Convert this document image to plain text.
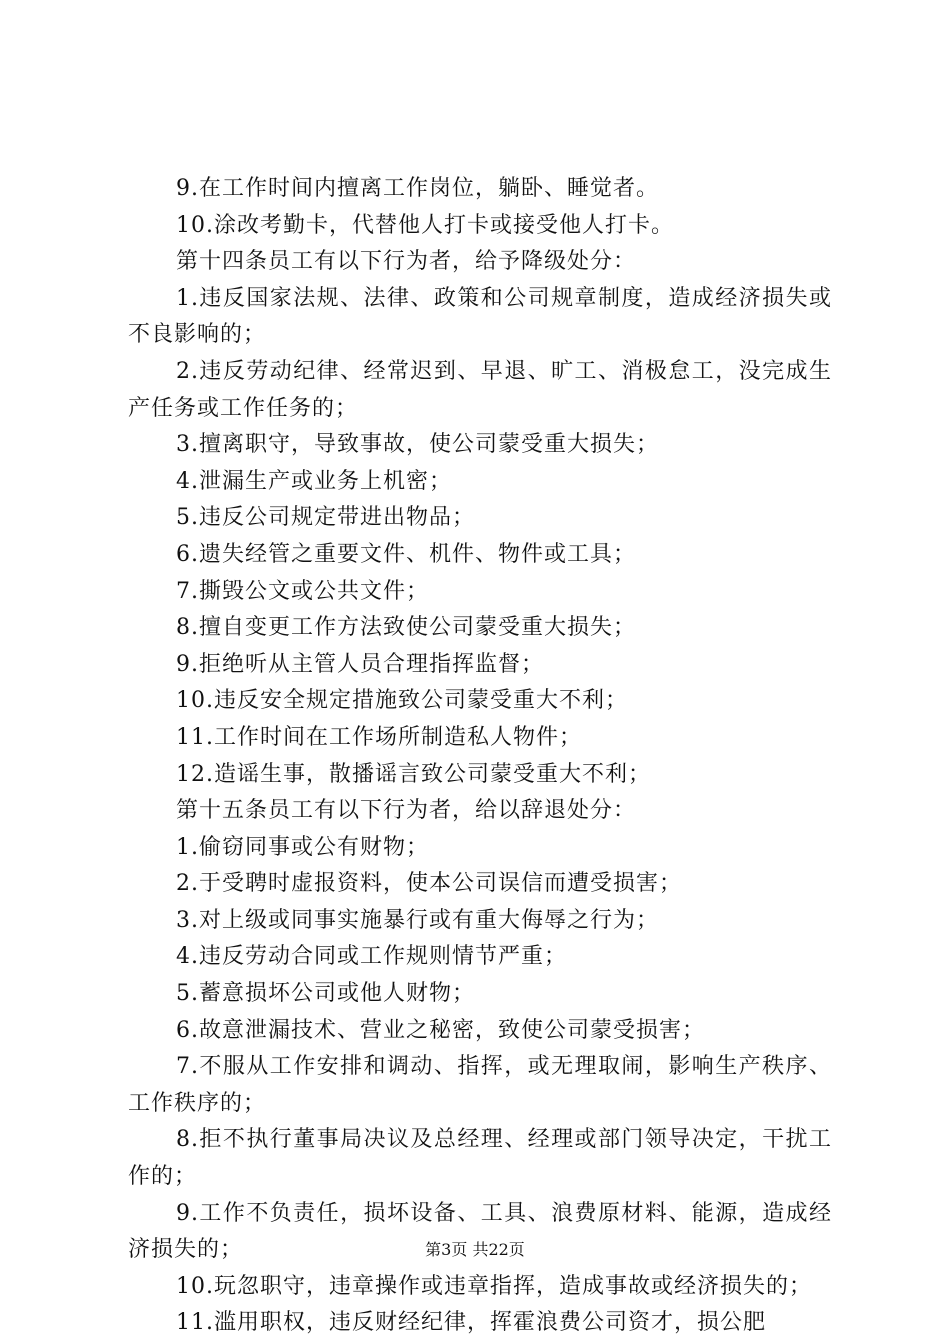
9.在工作时间内擅离工作岗位，躺卧、睡觉者。

10.涂改考勤卡，代替他人打卡或接受他人打卡。

第十四条员工有以下行为者，给予降级处分：

1.违反国家法规、法律、政策和公司规章制度，造成经济损失或不良影响的；

2.违反劳动纪律、经常迟到、早退、旷工、消极怠工，没完成生产任务或工作任务的；

3.擅离职守，导致事故，使公司蒙受重大损失；

4.泄漏生产或业务上机密；

5.违反公司规定带进出物品；

6.遗失经管之重要文件、机件、物件或工具；

7.撕毁公文或公共文件；

8.擅自变更工作方法致使公司蒙受重大损失；

9.拒绝听从主管人员合理指挥监督；

10.违反安全规定措施致公司蒙受重大不利；

11.工作时间在工作场所制造私人物件；

12.造谣生事，散播谣言致公司蒙受重大不利；

第十五条员工有以下行为者，给以辞退处分：

1.偷窃同事或公有财物；

2.于受聘时虚报资料，使本公司误信而遭受损害；

3.对上级或同事实施暴行或有重大侮辱之行为；

4.违反劳动合同或工作规则情节严重；

5.蓄意损坏公司或他人财物；

6.故意泄漏技术、营业之秘密，致使公司蒙受损害；

7.不服从工作安排和调动、指挥，或无理取闹，影响生产秩序、工作秩序的；

8.拒不执行董事局决议及总经理、经理或部门领导决定，干扰工作的；

9.工作不负责任，损坏设备、工具、浪费原材料、能源，造成经济损失的；

10.玩忽职守，违章操作或违章指挥，造成事故或经济损失的；

11.滥用职权，违反财经纪律，挥霍浪费公司资才，损公肥

第3页 共22页
